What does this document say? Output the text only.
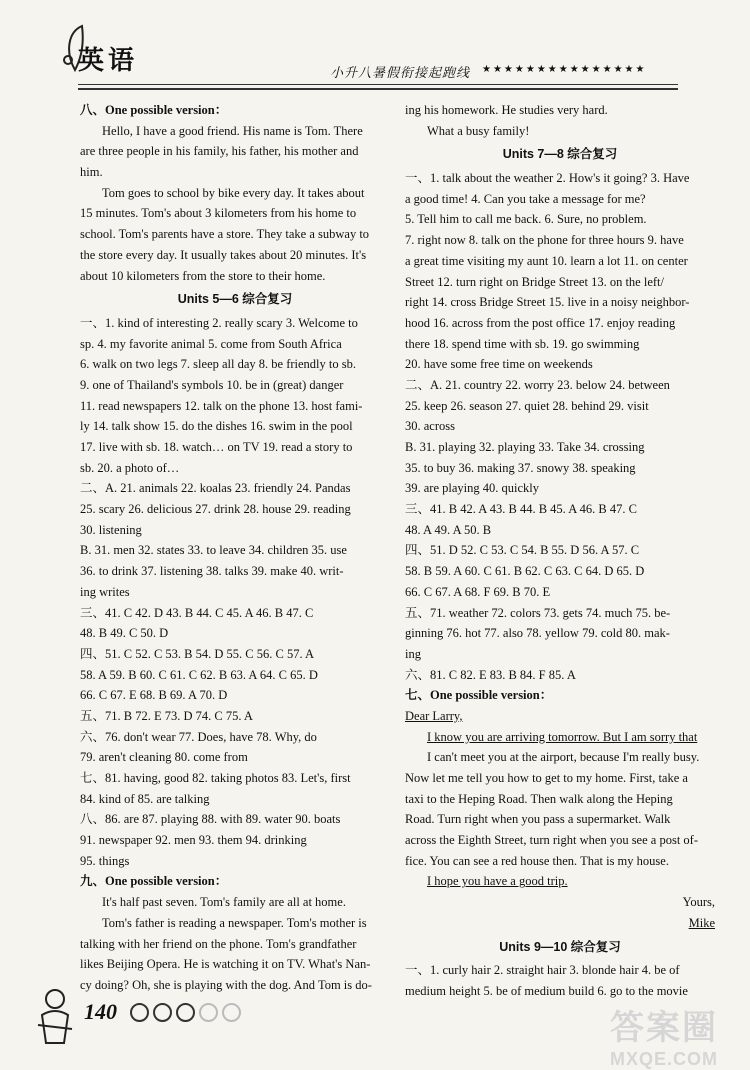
英语	小升八暑假衔接起跑线 ★★★★★★★★★★★★★★★
八、One possible version：
Hello, I have a good friend. His name is Tom. There
are three people in his family, his father, his mother and
him.
Tom goes to school by bike every day. It takes about
15 minutes. Tom's about 3 kilometers from his home to
school. Tom's parents have a store. They take a subway to
the store every day. It usually takes about 20 minutes. It's
about 10 kilometers from the store to their home.
Units 5—6 综合复习
一、1. kind of interesting 2. really scary 3. Welcome to
sp. 4. my favorite animal 5. come from South Africa
6. walk on two legs 7. sleep all day 8. be friendly to sb.
9. one of Thailand's symbols 10. be in (great) danger
11. read newspapers 12. talk on the phone 13. host fami-
ly 14. talk show 15. do the dishes 16. swim in the pool
17. live with sb. 18. watch… on TV 19. read a story to
sb. 20. a photo of…
二、A. 21. animals 22. koalas 23. friendly 24. Pandas
25. scary 26. delicious 27. drink 28. house 29. reading
30. listening
B. 31. men 32. states 33. to leave 34. children 35. use
36. to drink 37. listening 38. talks 39. make 40. writ-
ing writes
三、41. C 42. D 43. B 44. C 45. A 46. B 47. C
48. B 49. C 50. D
四、51. C 52. C 53. B 54. D 55. C 56. C 57. A
58. A 59. B 60. C 61. C 62. B 63. A 64. C 65. D
66. C 67. E 68. B 69. A 70. D
五、71. B 72. E 73. D 74. C 75. A
六、76. don't wear 77. Does, have 78. Why, do
79. aren't cleaning 80. come from
七、81. having, good 82. taking photos 83. Let's, first
84. kind of 85. are talking
八、86. are 87. playing 88. with 89. water 90. boats
91. newspaper 92. men 93. them 94. drinking
95. things
九、One possible version：
It's half past seven. Tom's family are all at home.
Tom's father is reading a newspaper. Tom's mother is
talking with her friend on the phone. Tom's grandfather
likes Beijing Opera. He is watching it on TV. What's Nan-
cy doing? Oh, she is playing with the dog. And Tom is do-
ing his homework. He studies very hard.
What a busy family!
Units 7—8 综合复习
一、1. talk about the weather 2. How's it going? 3. Have
a good time! 4. Can you take a message for me?
5. Tell him to call me back. 6. Sure, no problem.
7. right now 8. talk on the phone for three hours 9. have
a great time visiting my aunt 10. learn a lot 11. on center
Street 12. turn right on Bridge Street 13. on the left/
right 14. cross Bridge Street 15. live in a noisy neighbor-
hood 16. across from the post office 17. enjoy reading
there 18. spend time with sb. 19. go swimming
20. have some free time on weekends
二、A. 21. country 22. worry 23. below 24. between
25. keep 26. season 27. quiet 28. behind 29. visit
30. across
B. 31. playing 32. playing 33. Take 34. crossing
35. to buy 36. making 37. snowy 38. speaking
39. are playing 40. quickly
三、41. B 42. A 43. B 44. B 45. A 46. B 47. C
48. A 49. A 50. B
四、51. D 52. C 53. C 54. B 55. D 56. A 57. C
58. B 59. A 60. C 61. B 62. C 63. C 64. D 65. D
66. C 67. A 68. F 69. B 70. E
五、71. weather 72. colors 73. gets 74. much 75. be-
ginning 76. hot 77. also 78. yellow 79. cold 80. mak-
ing
六、81. C 82. E 83. B 84. F 85. A
七、One possible version：
Dear Larry,
I know you are arriving tomorrow. But I am sorry that
I can't meet you at the airport, because I'm really busy.
Now let me tell you how to get to my home. First, take a
taxi to the Heping Road. Then walk along the Heping
Road. Turn right when you pass a supermarket. Walk
across the Eighth Street, turn right when you see a post of-
fice. You can see a red house then. That is my house.
I hope you have a good trip.
Yours,
Mike
Units 9—10 综合复习
一、1. curly hair 2. straight hair 3. blonde hair 4. be of
medium height 5. be of medium build 6. go to the movie
140	答案圈
MXQE.COM
